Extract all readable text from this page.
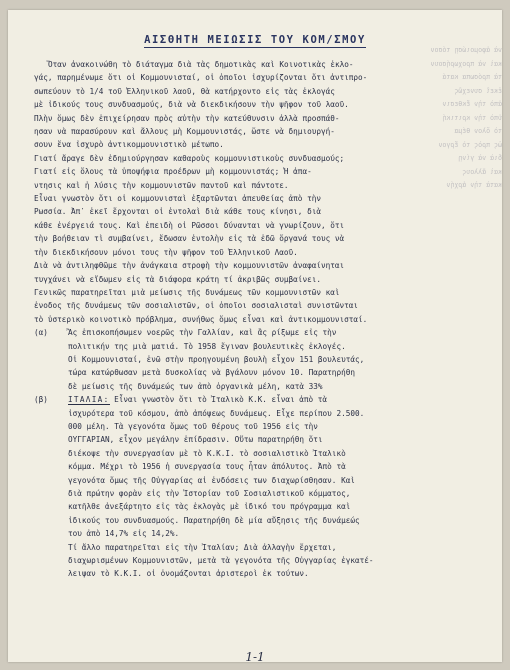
νὰ ἀφομοιώσῃ τόσον
καὶ νὰ προχωρήσουν
τὰ πρόσωπα κατά
ἐκεῖ συνεχῶς
ἀπὸ τὴν ἔκθεσιν
ὑπὸ τὴν κριτική
τὸ ὅλον θέμα
ὡς πρὸς τὸ ἔργον
διὰ νὰ γίνῃ
καὶ ἄλλους
κατὰ τὴν ἀρχήν
ΑΙΣΘΗΤΗ ΜΕΙΩΣΙΣ ΤΟΥ ΚΟΜ/ΣΜΟΥ
Ὅταν ἀνακοινώθη τὸ διάταγμα διὰ τὰς δημοτικὰς καὶ Κοινοτικὰς ἐκλο-
γάς, παρημένωμε ὅτι οἱ Κομμουνισταί, οἱ ὁποῖοι ἰσχυρίζονται ὅτι ἀντιπρο-
σωπεύουν τὸ 1/4 τοῦ Ἑλληνικοῦ λαοῦ, θὰ κατήρχοντο εἰς τὰς ἐκλογάς
μὲ ἰδικούς τους συνδυασμούς, διὰ νὰ διεκδικήσουν τὴν ψῆφον τοῦ λαοῦ.
Πλὴν ὅμως δὲν ἐπιχείρησαν πρὸς αὐτὴν τὴν κατεύθυνσιν ἀλλὰ προσπάθ-
ησαν νὰ παρασύρουν καὶ ἄλλους μὴ Κομμουνιστάς, ὥστε νὰ δημιουργή-
σουν ἕνα ἰσχυρὸ ἀντικομμουνιστικὸ μέτωπο.
Γιατί ἄραγε δὲν ἐδημιούργησαν καθαροὺς κομμουνιστικοὺς συνδυασμούς;
Γιατί εἰς ὅλους τὰ ὑποψήφια προέδρων μὴ κομμουνιστάς; Ἡ ἀπα-
ντησις καὶ ἡ λύσις τὴν κομμουνιστῶν παντοῦ καὶ πάντοτε.
Εἶναι γνωστὸν ὅτι οἱ κομμουνισταὶ ἐξαρτῶνται ἀπευθείας ἀπὸ τὴν
Ρωσσία. Ἀπ᾽ ἐκεῖ ἔρχονται οἱ ἐντολαὶ διὰ κάθε τους κίνησι, διὰ
κάθε ἐνέργειά τους. Καὶ ἐπειδὴ οἱ Ρῶσσοι δύνανται νὰ γνωρίζουν, ὅτι
τὴν βοήθειαν τὶ συμβαίνει, ἔδωσαν ἐντολὴν εἰς τὰ ἐδῶ ὄργανά τους νὰ
τὴν διεκδικήσουν μόνοι τους τὴν ψῆφον τοῦ Ἑλληνικοῦ Λαοῦ.
Διὰ νὰ ἀντιληφθῶμε τὴν ἀνάγκαια στροφὴ τὴν κομμουνιστῶν ἀναφαίνηται
τυγχάνει νὰ εἴδωμεν εἰς τὰ διάφορα κράτη τί ἀκριβῶς συμβαίνει.
Γενικῶς παρατηρεῖται μιὰ μείωσις τῆς δυνάμεως τῶν κομμουνιστῶν καὶ
ἐνοδος τῆς δυνάμεως τῶν σοσιαλιστῶν, οἱ ὁποῖοι σοσιαλισταὶ συνιστῶνται
τὸ ὑστερικὸ κοινοτικὸ πρόβλημα, συνήθως ὅμως εἶναι καὶ ἀντικομμουνισταί.
(α)	Ἂς ἐπισκοπήσωμεν νοερῶς τὴν Γαλλίαν, καὶ ἂς ρίξωμε εἰς τὴν
πολιτικήν της μιὰ ματιά. Τὸ 1958 ἔγιναν βουλευτικὲς ἐκλογές.
Οἱ Κομμουνισταί, ἐνῶ στὴν προηγουμένη βουλὴ εἶχον 151 βουλευτάς,
τώρα κατώρθωσαν μετὰ δυσκολίας νὰ βγάλουν μόνον 10. Παρατηρήθη
δὲ μείωσις τῆς δυνάμεώς των ἀπὸ ὀργανικὰ μέλη, κατὰ 33%
(β)	ΙΤΑΛΙΑ: Εἶναι γνωστὸν ὅτι τὸ Ἰταλικὸ Κ.Κ. εἶναι ἀπὸ τὰ
ἰσχυρότερα τοῦ κόσμου, ἀπὸ ἀπόψεως δυνάμεως. Εἶχε περίπου 2.500.
000 μέλη. Τὰ γεγονότα ὅμως τοῦ θέρους τοῦ 1956 εἰς τὴν
ΟΥΓΓΑΡΙΑΝ, εἶχον μεγάλην ἐπίδρασιν. Οὕτω παρατηρήθη ὅτι
διέκοψε τὴν συνεργασίαν μὲ τὸ Κ.Κ.Ι. τὸ σοσιαλιστικὸ Ἰταλικὸ
κόμμα. Μέχρι τὸ 1956 ἡ συνεργασία τους ἦταν ἀπόλυτος. Ἀπὸ τὰ
γεγονότα ὅμως τῆς Οὐγγαρίας αἱ ἐνδόσεις των διαχωρίσθησαν. Καὶ
διὰ πρώτην φορὰν εἰς τὴν Ἱστορίαν τοῦ Σοσιαλιστικοῦ κόμματος,
κατῆλθε ἀνεξάρτητο εἰς τὰς ἐκλογὰς μὲ ἰδικό του πρόγραμμα καὶ
ἰδικούς του συνδυασμούς. Παρατηρήθη δὲ μία αὔξησις τῆς δυνάμεώς
του ἀπὸ 14,7% εἰς 14,2%.
Τί ἄλλο παρατηρεῖται εἰς τὴν Ἰταλίαν; Διὰ ἀλλαγὴν ἔρχεται,
διαχωρισμένων Κομμουνιστῶν, μετὰ τὰ γεγονότα τῆς Οὐγγαρίας ἐγκατέ-
λειψαν τὸ Κ.Κ.Ι. οἱ ὀνομάζονται ἀριστεροὶ ἐκ τούτων.
1-1
